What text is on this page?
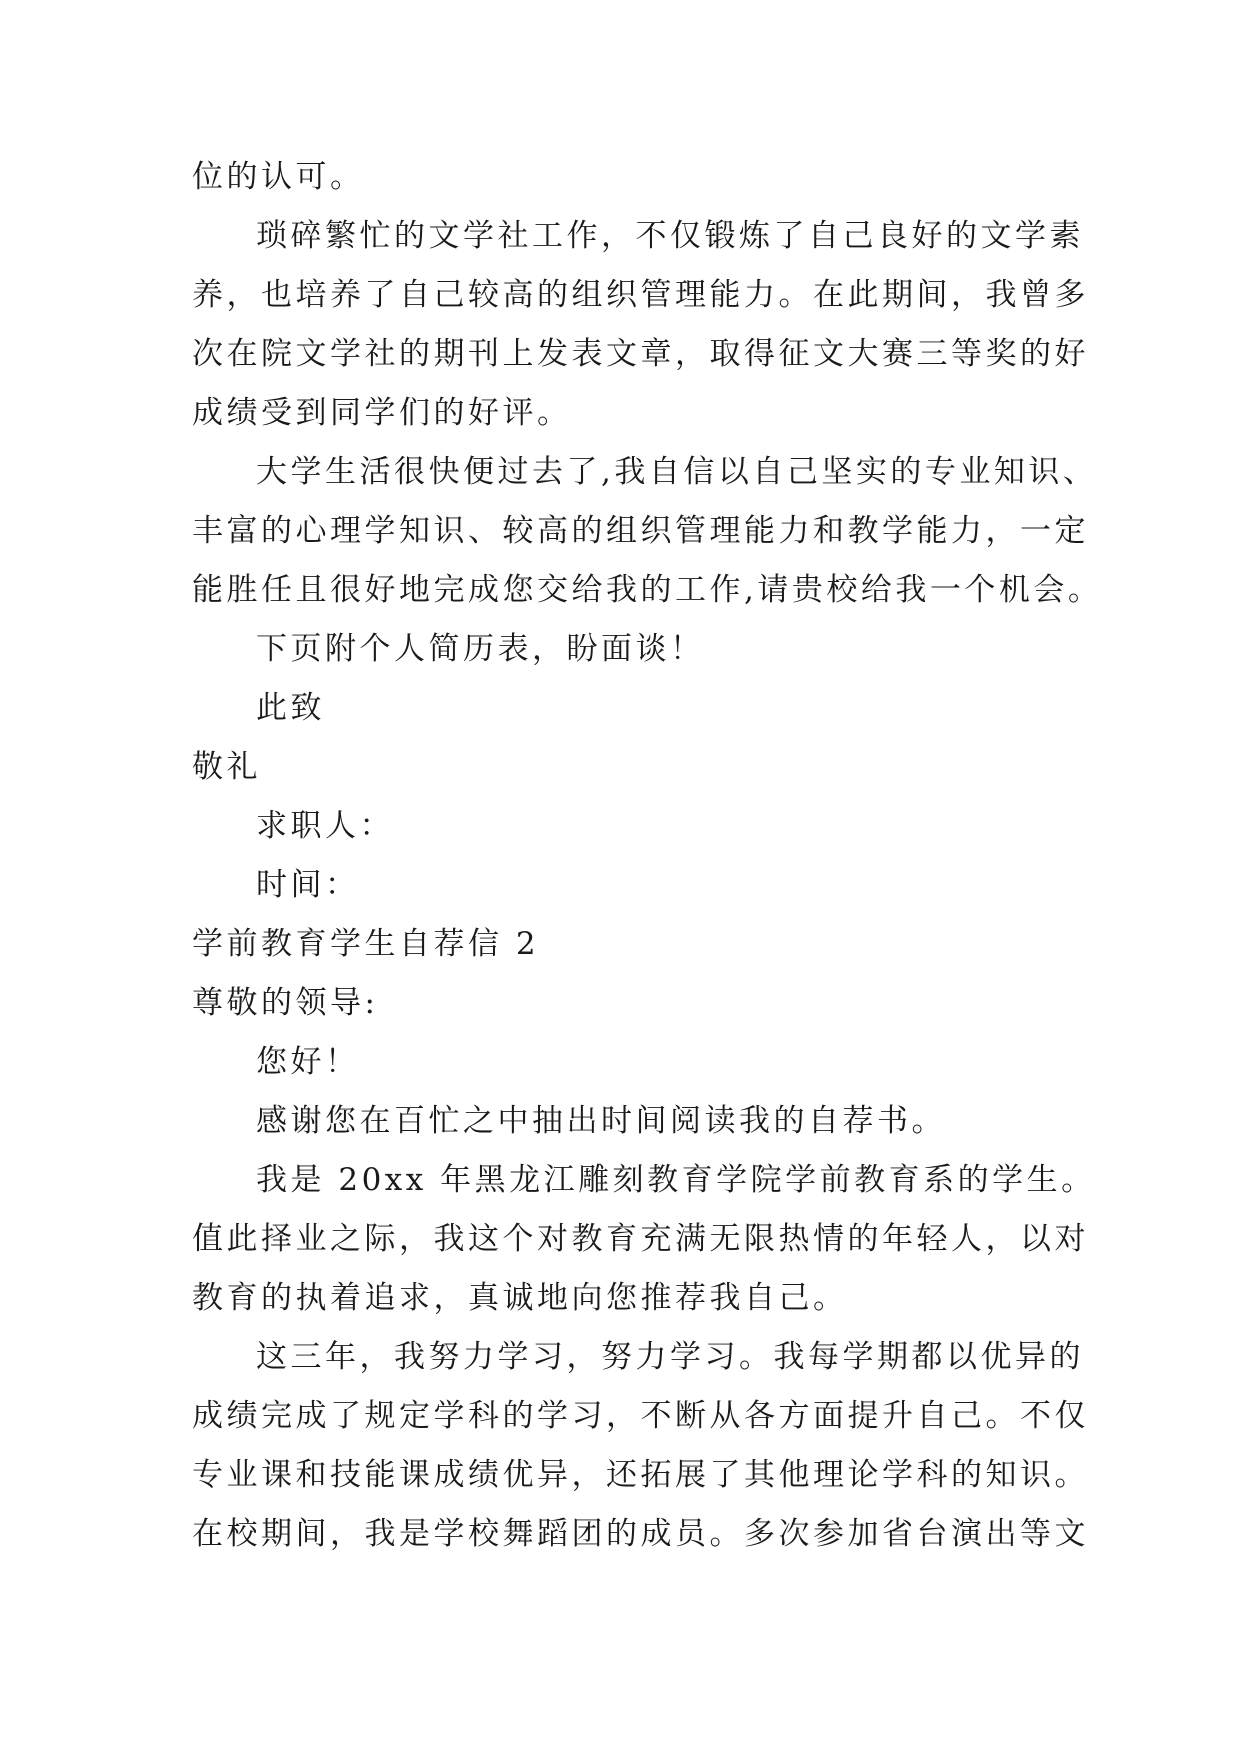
位的认可。
琐碎繁忙的文学社工作，不仅锻炼了自己良好的文学素
养，也培养了自己较高的组织管理能力。在此期间，我曾多
次在院文学社的期刊上发表文章，取得征文大赛三等奖的好
成绩受到同学们的好评。
大学生活很快便过去了,我自信以自己坚实的专业知识、
丰富的心理学知识、较高的组织管理能力和教学能力，一定
能胜任且很好地完成您交给我的工作,请贵校给我一个机会。
下页附个人简历表，盼面谈！
此致
敬礼
求职人：
时间：
学前教育学生自荐信 2
尊敬的领导:
您好！
感谢您在百忙之中抽出时间阅读我的自荐书。
我是 20xx 年黑龙江雕刻教育学院学前教育系的学生。
值此择业之际，我这个对教育充满无限热情的年轻人，以对
教育的执着追求，真诚地向您推荐我自己。
这三年，我努力学习，努力学习。我每学期都以优异的
成绩完成了规定学科的学习，不断从各方面提升自己。不仅
专业课和技能课成绩优异，还拓展了其他理论学科的知识。
在校期间，我是学校舞蹈团的成员。多次参加省台演出等文
